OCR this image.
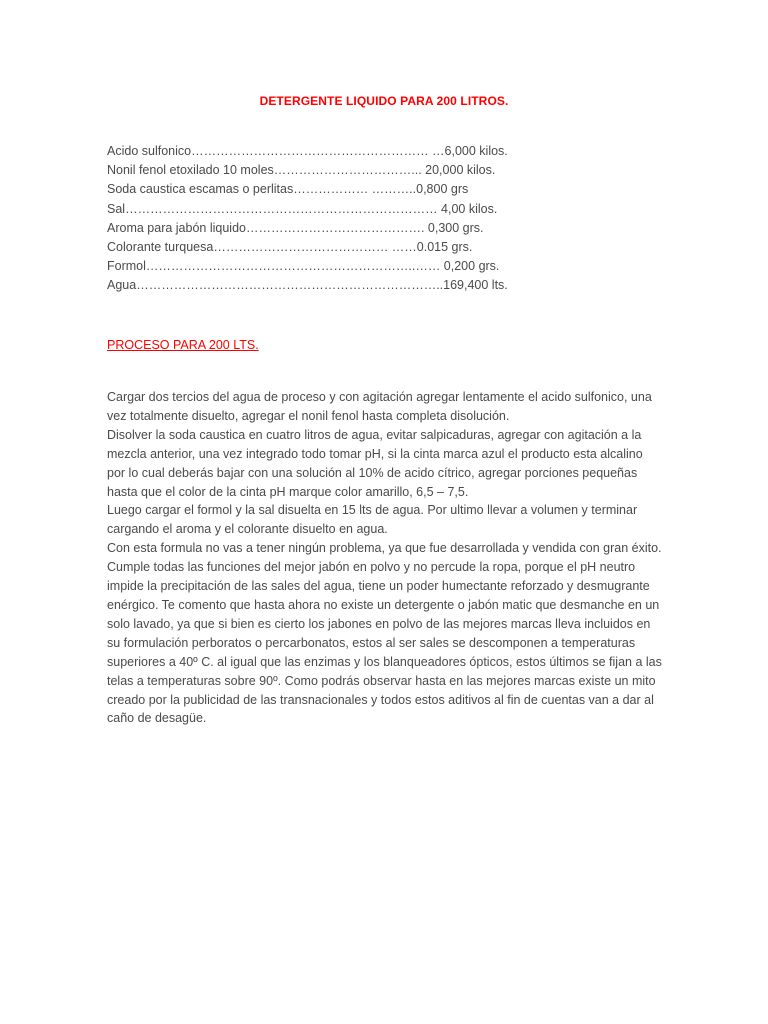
DETERGENTE LIQUIDO PARA 200 LITROS.
Acido sulfonico………………………………………………… …6,000 kilos.
Nonil fenol etoxilado 10 moles……………………………... 20,000 kilos.
Soda caustica escamas o perlitas……………… ………..0,800 grs
Sal………………………………………………………………… 4,00 kilos.
Aroma para jabón liquido……………………………………. 0,300 grs.
Colorante turquesa…………………………………… ……0.015 grs.
Formol………………………………………………………..…… 0,200 grs.
Agua………………………………………………………………..169,400 lts.
PROCESO PARA 200 LTS.

Cargar dos tercios del agua de proceso y con agitación agregar lentamente el acido sulfonico, una vez totalmente disuelto, agregar el nonil fenol hasta completa disolución.

Disolver la soda caustica en cuatro litros de agua, evitar salpicaduras, agregar con agitación a la mezcla anterior, una vez integrado todo tomar pH, si la cinta marca azul el producto esta alcalino por lo cual deberás bajar con una solución al 10% de acido cítrico, agregar porciones pequeñas hasta que el color de la cinta pH marque color amarillo, 6,5 – 7,5.

Luego cargar el formol y la sal disuelta en 15 lts de agua. Por ultimo llevar a volumen y terminar cargando el aroma y el colorante disuelto en agua.

Con esta formula no vas a tener ningún problema, ya que fue desarrollada y vendida con gran éxito. Cumple todas las funciones del mejor jabón en polvo y no percude la ropa, porque el pH neutro impide la precipitación de las sales del agua, tiene un poder humectante reforzado y desmugrante enérgico. Te comento que hasta ahora no existe un detergente o jabón matic que desmanche en un solo lavado, ya que si bien es cierto los jabones en polvo de las mejores marcas lleva incluidos en su formulación perboratos o percarbonatos, estos al ser sales se descomponen a temperaturas superiores a 40º C. al igual que las enzimas y los blanqueadores ópticos, estos últimos se fijan a las telas a temperaturas sobre 90º. Como podrás observar hasta en las mejores marcas existe un mito creado por la publicidad de las transnacionales y todos estos aditivos al fin de cuentas van a dar al caño de desagüe.
